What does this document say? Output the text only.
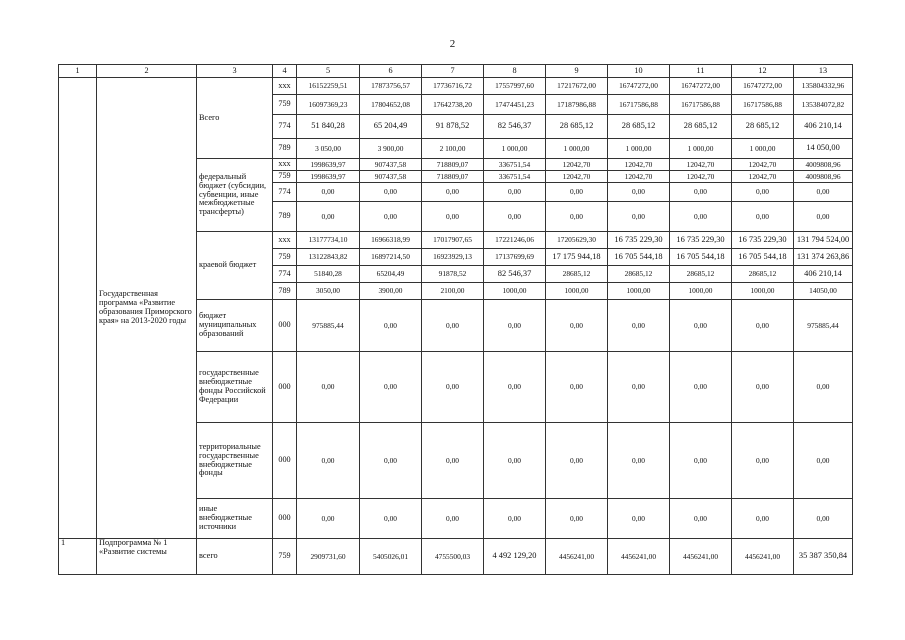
2
1	2	3	4	5	6	7	8	9	10	11	12	13
	Государственная программа «Развитие образования Приморского края» на 2013-2020 годы	Всего	xxx	16152259,51	17873756,57	17736716,72	17557997,60	17217672,00	16747272,00	16747272,00	16747272,00	135804332,96
			759	16097369,23	17804652,08	17642738,20	17474451,23	17187986,88	16717586,88	16717586,88	16717586,88	135384072,82
			774	51 840,28	65 204,49	91 878,52	82 546,37	28 685,12	28 685,12	28 685,12	28 685,12	406 210,14
			789	3 050,00	3 900,00	2 100,00	1 000,00	1 000,00	1 000,00	1 000,00	1 000,00	14 050,00
		федеральный бюджет (субсидии, субвенции, иные межбюджетные трансферты)	xxx	1998639,97	907437,58	718809,07	336751,54	12042,70	12042,70	12042,70	12042,70	4009808,96
			759	1998639,97	907437,58	718809,07	336751,54	12042,70	12042,70	12042,70	12042,70	4009808,96
			774	0,00	0,00	0,00	0,00	0,00	0,00	0,00	0,00	0,00
			789	0,00	0,00	0,00	0,00	0,00	0,00	0,00	0,00	0,00
		краевой бюджет	xxx	13177734,10	16966318,99	17017907,65	17221246,06	17205629,30	16 735 229,30	16 735 229,30	16 735 229,30	131 794 524,00
			759	13122843,82	16897214,50	16923929,13	17137699,69	17 175 944,18	16 705 544,18	16 705 544,18	16 705 544,18	131 374 263,86
			774	51840,28	65204,49	91878,52	82 546,37	28685,12	28685,12	28685,12	28685,12	406 210,14
			789	3050,00	3900,00	2100,00	1000,00	1000,00	1000,00	1000,00	1000,00	14050,00
		бюджет муниципальных образований	000	975885,44	0,00	0,00	0,00	0,00	0,00	0,00	0,00	975885,44
		государственные внебюджетные фонды Российской Федерации	000	0,00	0,00	0,00	0,00	0,00	0,00	0,00	0,00	0,00
		территориальные государственные внебюджетные фонды	000	0,00	0,00	0,00	0,00	0,00	0,00	0,00	0,00	0,00
		иные внебюджетные источники	000	0,00	0,00	0,00	0,00	0,00	0,00	0,00	0,00	0,00
1	Подпрограмма № 1 «Развитие системы	всего	759	2909731,60	5405026,01	4755500,03	4 492 129,20	4456241,00	4456241,00	4456241,00	4456241,00	35 387 350,84
